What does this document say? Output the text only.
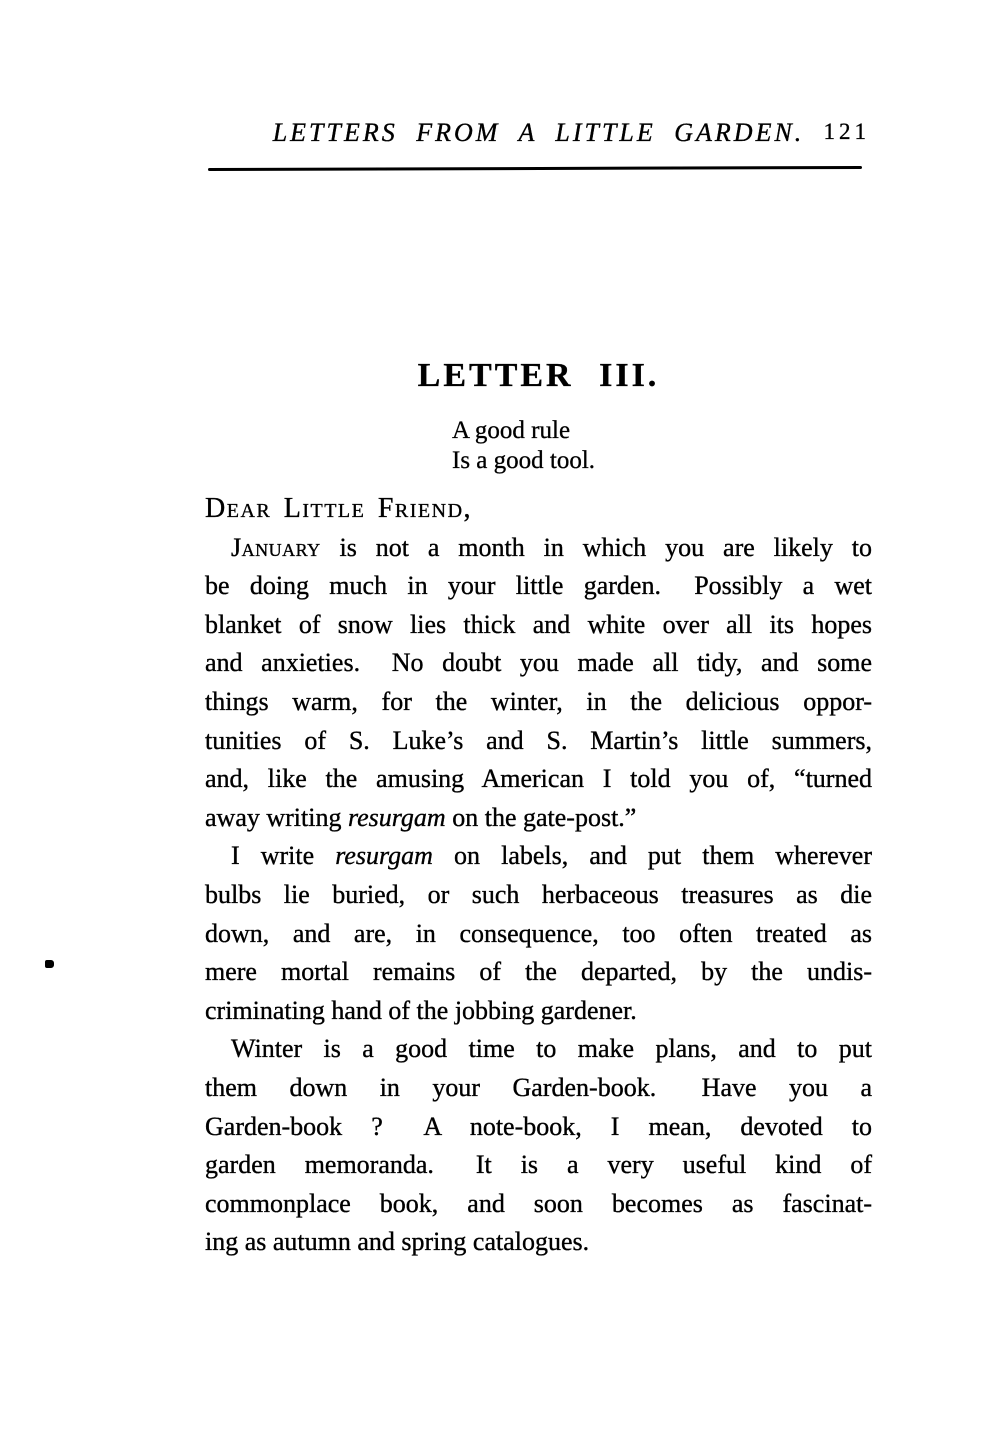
LETTERS FROM A LITTLE GARDEN. 121
LETTER III.
A good rule
Is a good tool.
Dear Little Friend,
January is not a month in which you are likely to
be doing much in your little garden.  Possibly a wet
blanket of snow lies thick and white over all its hopes
and anxieties.  No doubt you made all tidy, and some
things warm, for the winter, in the delicious oppor-
tunities of S. Luke’s and S. Martin’s little summers,
and, like the amusing American I told you of, “turned
away writing resurgam on the gate-post.”
I write resurgam on labels, and put them wherever
bulbs lie buried, or such herbaceous treasures as die
down, and are, in consequence, too often treated as
mere mortal remains of the departed, by the undis-
criminating hand of the jobbing gardener.
Winter is a good time to make plans, and to put
them down in your Garden-book.  Have you a
Garden-book ?  A note-book, I mean, devoted to
garden memoranda.  It is a very useful kind of
commonplace book, and soon becomes as fascinat-
ing as autumn and spring catalogues.
